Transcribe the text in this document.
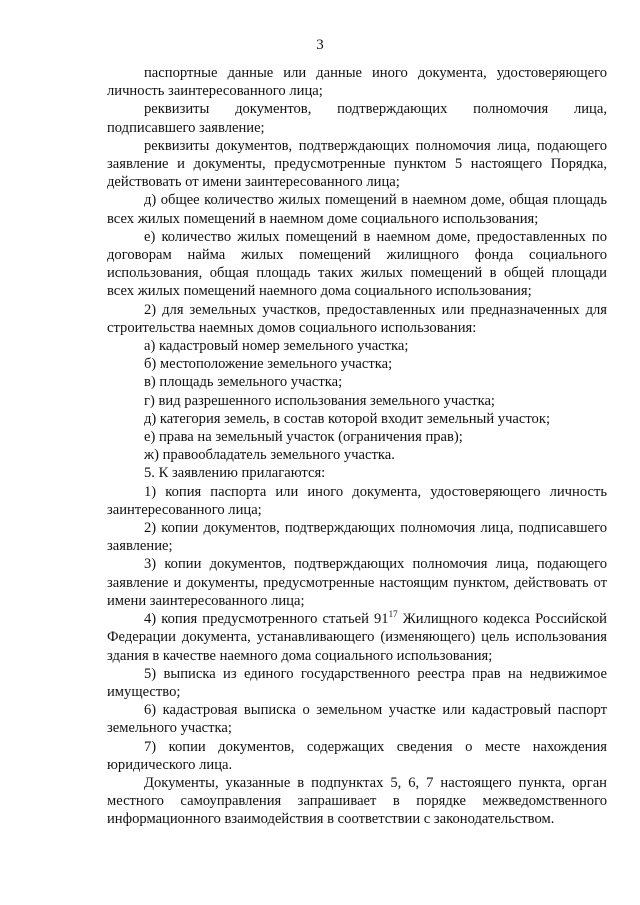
3

паспортные данные или данные иного документа, удостоверяющего личность заинтересованного лица;

реквизиты документов, подтверждающих полномочия лица, подписавшего заявление;

реквизиты документов, подтверждающих полномочия лица, подающего заявление и документы, предусмотренные пунктом 5 настоящего Порядка, действовать от имени заинтересованного лица;

д) общее количество жилых помещений в наемном доме, общая площадь всех жилых помещений в наемном доме социального использования;

е) количество жилых помещений в наемном доме, предоставленных по договорам найма жилых помещений жилищного фонда социального использования, общая площадь таких жилых помещений в общей площади всех жилых помещений наемного дома социального использования;

2) для земельных участков, предоставленных или предназначенных для строительства наемных домов социального использования:

а) кадастровый номер земельного участка;

б) местоположение земельного участка;

в) площадь земельного участка;

г) вид разрешенного использования земельного участка;

д) категория земель, в состав которой входит земельный участок;

е) права на земельный участок (ограничения прав);

ж) правообладатель земельного участка.

5. К заявлению прилагаются:

1) копия паспорта или иного документа, удостоверяющего личность заинтересованного лица;

2) копии документов, подтверждающих полномочия лица, подписавшего заявление;

3) копии документов, подтверждающих полномочия лица, подающего заявление и документы, предусмотренные настоящим пунктом, действовать от имени заинтересованного лица;

4) копия предусмотренного статьей $91^{17}$ Жилищного кодекса Российской Федерации документа, устанавливающего (изменяющего) цель использования здания в качестве наемного дома социального использования;

5) выписка из единого государственного реестра прав на недвижимое имущество;

6) кадастровая выписка о земельном участке или кадастровый паспорт земельного участка;

7) копии документов, содержащих сведения о месте нахождения юридического лица.

Документы, указанные в подпунктах 5, 6, 7 настоящего пункта, орган местного самоуправления запрашивает в порядке межведомственного информационного взаимодействия в соответствии с законодательством.
